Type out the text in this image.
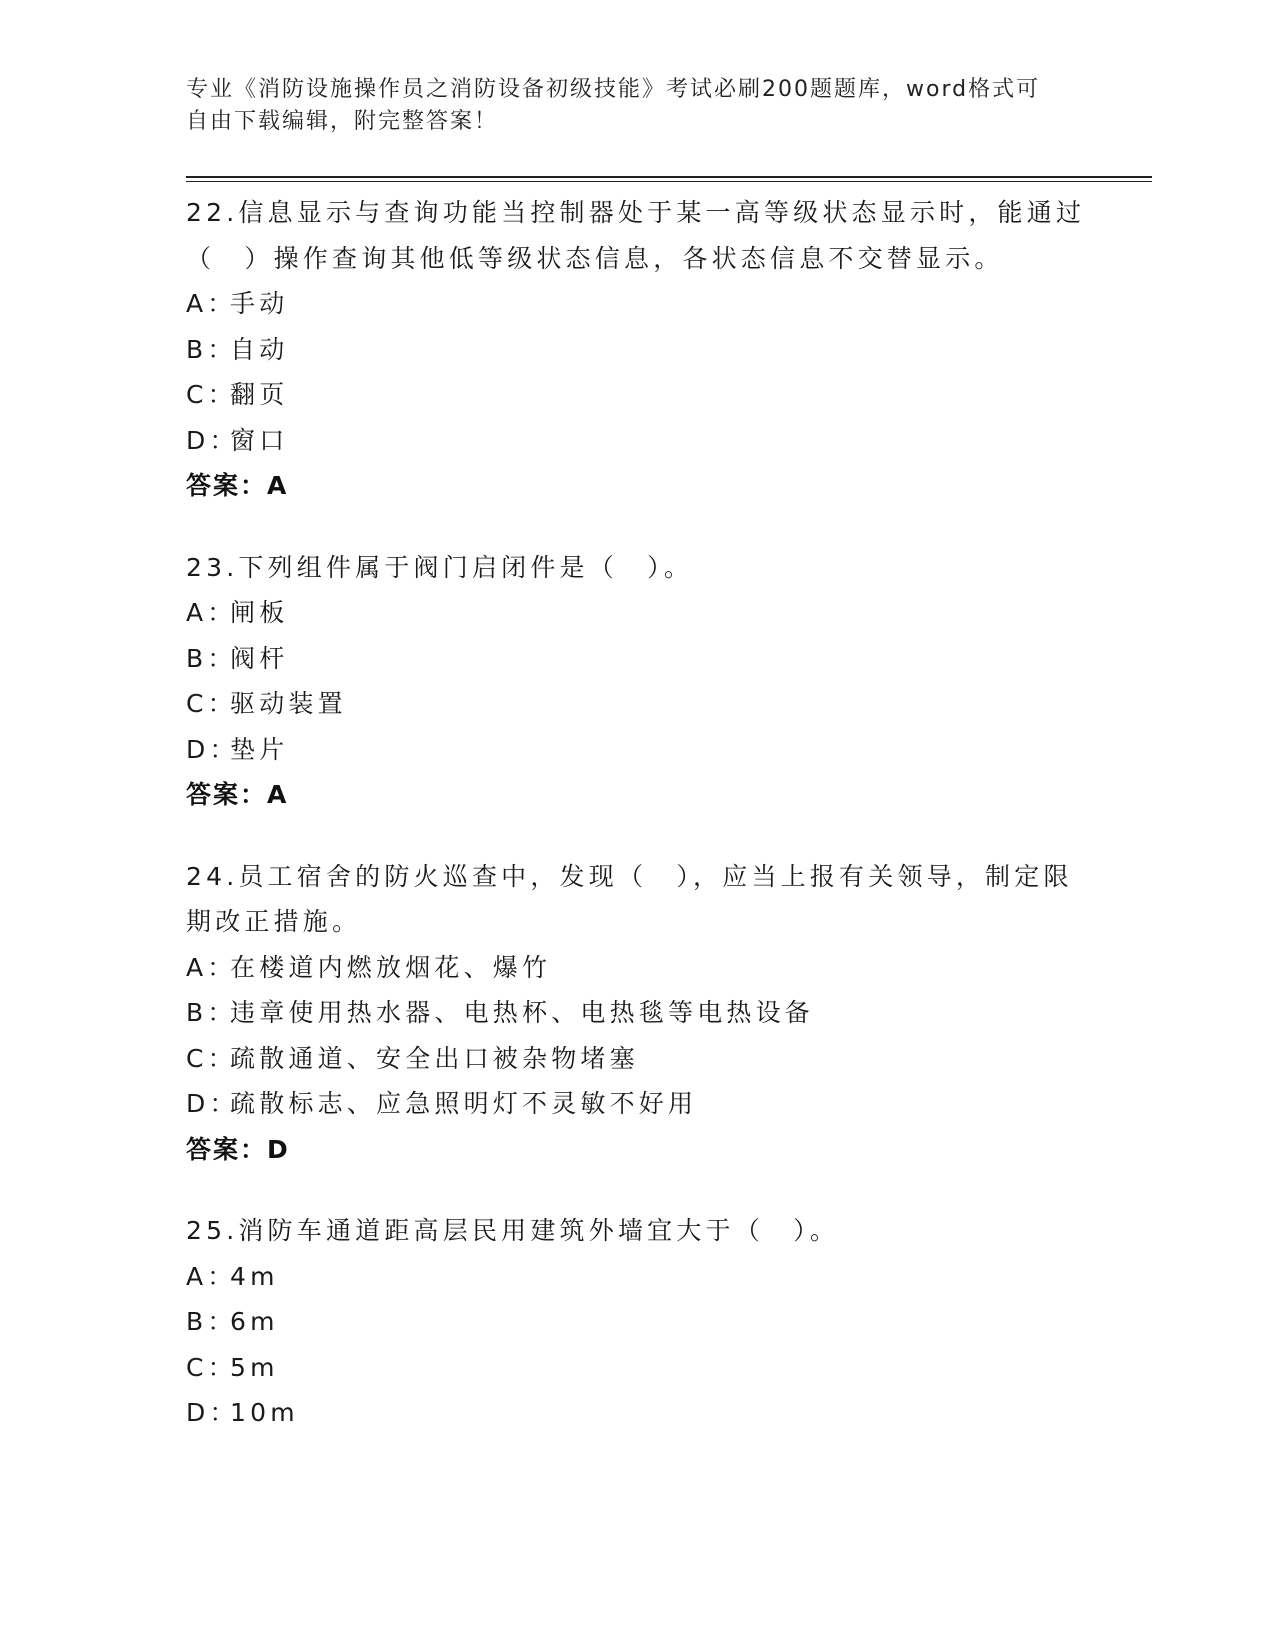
专业《消防设施操作员之消防设备初级技能》考试必刷200题题库，word格式可

自由下载编辑，附完整答案！

22.信息显示与查询功能当控制器处于某一高等级状态显示时，能通过

（　）操作查询其他低等级状态信息，各状态信息不交替显示。

A：
手动
B：
自动
C：
翻页
D：
窗口
答案：A

23.下列组件属于阀门启闭件是（　）。

A：
闸板
B：
阀杆
C：
驱动装置
D：
垫片
答案：A

24.员工宿舍的防火巡查中，发现（　），应当上报有关领导，制定限

期改正措施。

A：
在楼道内燃放烟花、爆竹
B：
违章使用热水器、电热杯、电热毯等电热设备
C：
疏散通道、安全出口被杂物堵塞
D：
疏散标志、应急照明灯不灵敏不好用
答案：D

25.消防车通道距高层民用建筑外墙宜大于（　）。

A：
4m
B：
6m
C：
5m
D：
10m
